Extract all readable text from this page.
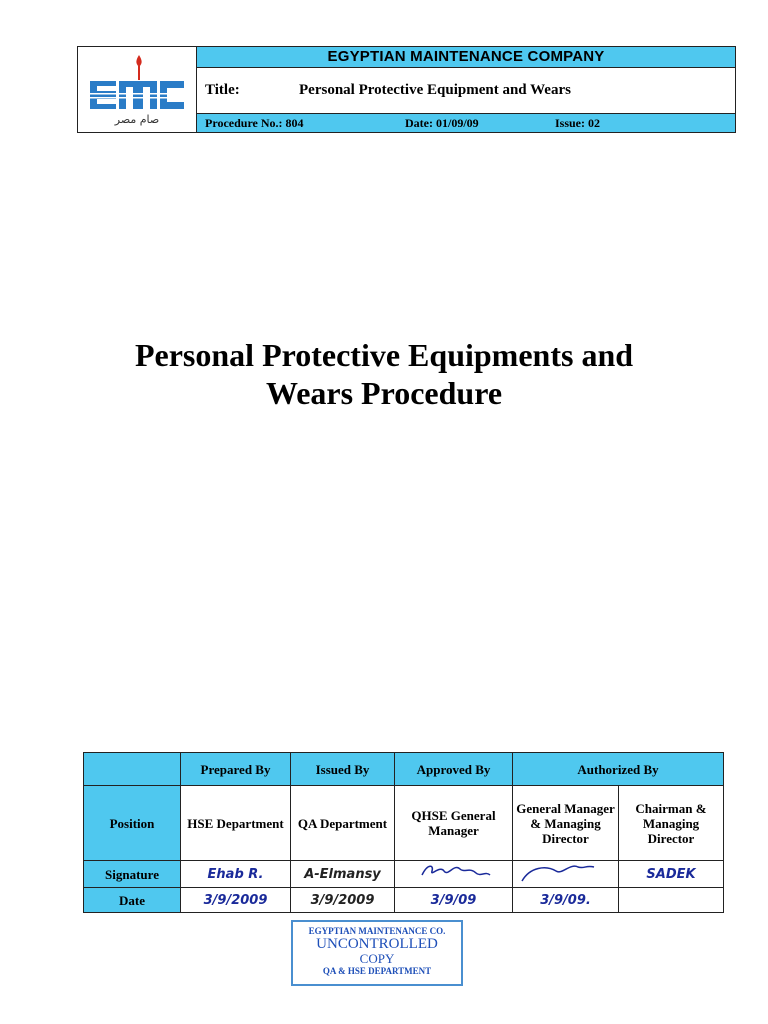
صام مصر
EGYPTIAN MAINTENANCE COMPANY
Title:	Personal Protective Equipment and Wears
Procedure No.: 804	Date: 01/09/09	Issue: 02
Personal Protective Equipments and
Wears Procedure
	Prepared By	Issued By	Approved By	Authorized By	
Position	HSE Department	QA Department	QHSE General Manager	General Manager & Managing Director	Chairman & Managing Director
Signature	Ehab R.	A-Elmansy			SADEK
Date	3/9/2009	3/9/2009	3/9/09	3/9/09.	
EGYPTIAN MAINTENANCE CO.
UNCONTROLLED
COPY
QA & HSE DEPARTMENT
